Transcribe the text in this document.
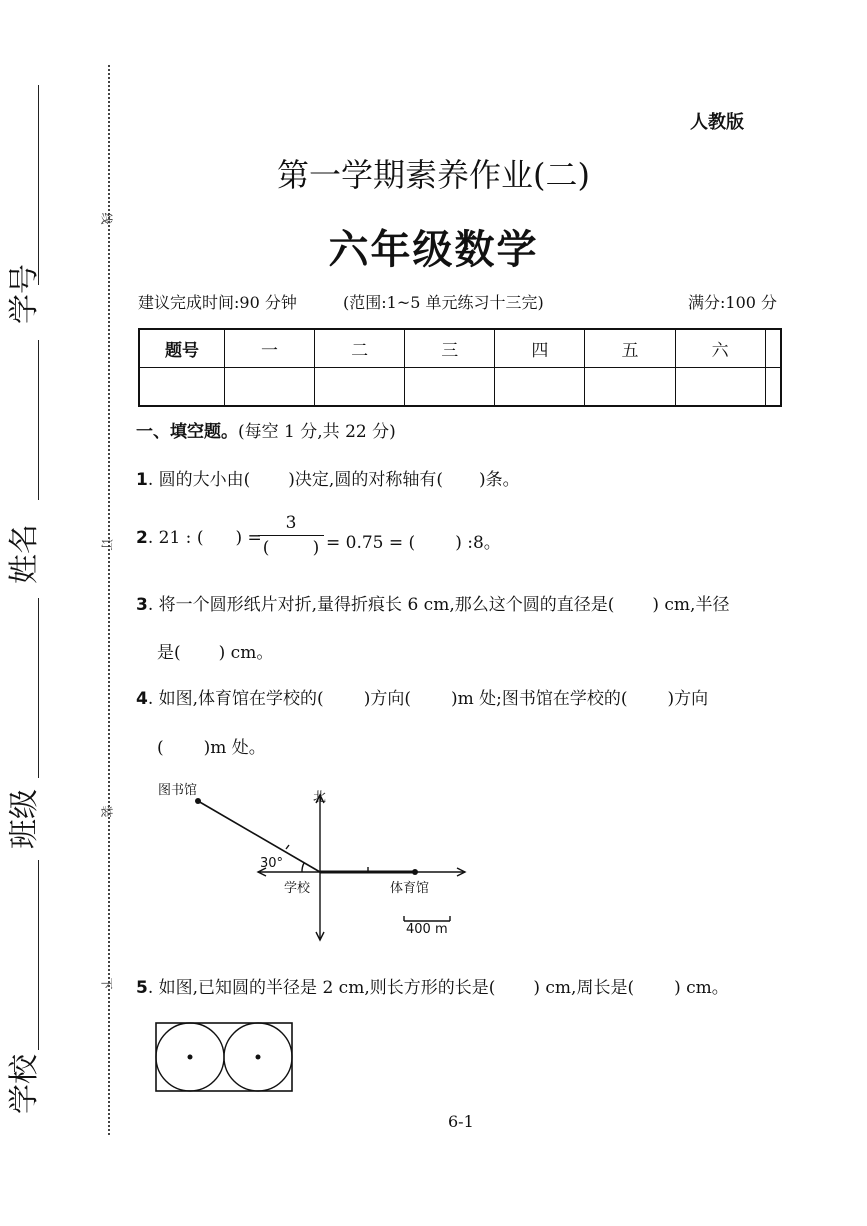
学号
姓名
班级
学校
线
订
装
下
人教版
第一学期素养作业(二)
六年级数学
建议完成时间:90 分钟	(范围:1~5 单元练习十三完)	满分:100 分
题号	一	二	三	四	五	六	

一、填空题。(每空 1 分,共 22 分)
1. 圆的大小由( )决定,圆的对称轴有( )条。
2. 21 : ( ) =
3
(        ) = 0.75 = ( ) :8。
3. 将一个圆形纸片对折,量得折痕长 6 cm,那么这个圆的直径是( ) cm,半径
是( ) cm。
4. 如图,体育馆在学校的( )方向( )m 处;图书馆在学校的( )方向
( )m 处。
图书馆	北
学校	体育馆
30°
400 m
5. 如图,已知圆的半径是 2 cm,则长方形的长是( ) cm,周长是( ) cm。
6-1
